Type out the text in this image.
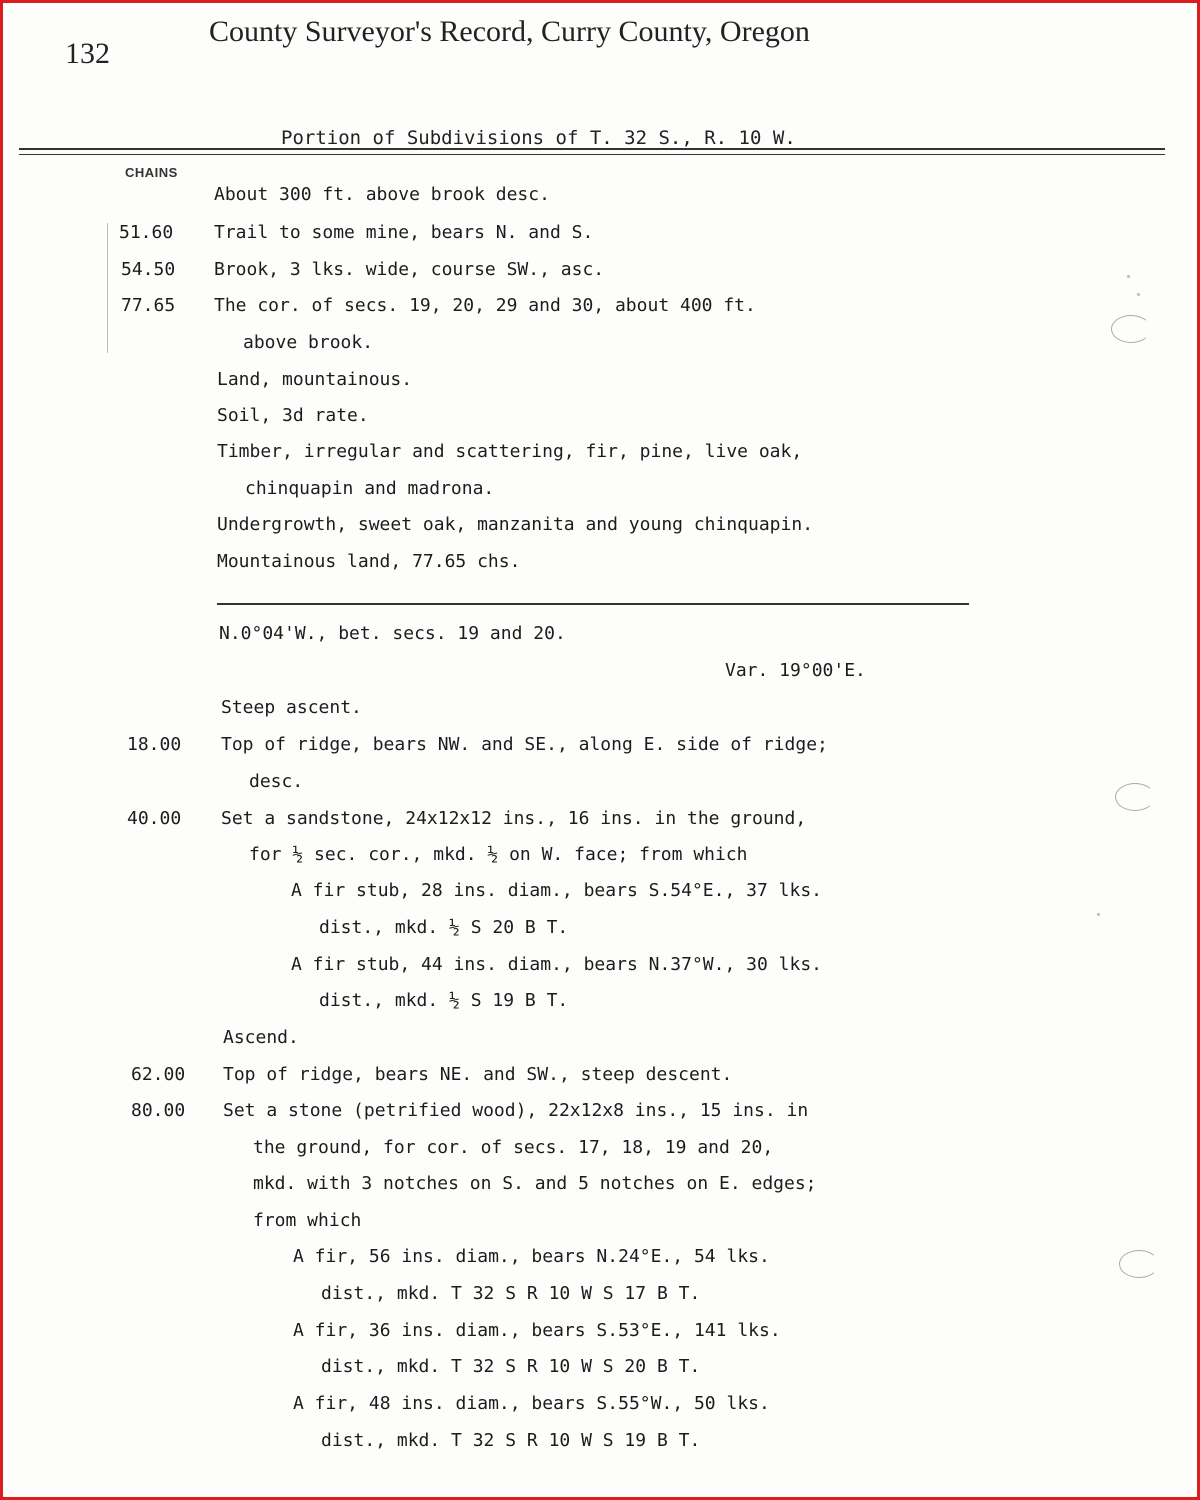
132
County Surveyor's Record, Curry County, Oregon
Portion of Subdivisions of T. 32 S., R. 10 W.
CHAINS
51.60
54.50
77.65
18.00
40.00
62.00
80.00
About 300 ft. above brook desc.
Trail to some mine, bears N. and S.
Brook, 3 lks. wide, course SW., asc.
The cor. of secs. 19, 20, 29 and 30, about 400 ft.
above brook.
Land, mountainous.
Soil, 3d rate.
Timber, irregular and scattering, fir, pine, live oak,
chinquapin and madrona.
Undergrowth, sweet oak, manzanita and young chinquapin.
Mountainous land, 77.65 chs.
N.0°04'W., bet. secs. 19 and 20.
Var. 19°00'E.
Steep ascent.
Top of ridge, bears NW. and SE., along E. side of ridge;
desc.
Set a sandstone, 24x12x12 ins., 16 ins. in the ground,
for ½ sec. cor., mkd. ½ on W. face; from which
A fir stub, 28 ins. diam., bears S.54°E., 37 lks.
dist., mkd. ½ S 20 B T.
A fir stub, 44 ins. diam., bears N.37°W., 30 lks.
dist., mkd. ½ S 19 B T.
Ascend.
Top of ridge, bears NE. and SW., steep descent.
Set a stone (petrified wood), 22x12x8 ins., 15 ins. in
the ground, for cor. of secs. 17, 18, 19 and 20,
mkd. with 3 notches on S. and 5 notches on E. edges;
from which
A fir, 56 ins. diam., bears N.24°E., 54 lks.
dist., mkd. T 32 S R 10 W S 17 B T.
A fir, 36 ins. diam., bears S.53°E., 141 lks.
dist., mkd. T 32 S R 10 W S 20 B T.
A fir, 48 ins. diam., bears S.55°W., 50 lks.
dist., mkd. T 32 S R 10 W S 19 B T.
